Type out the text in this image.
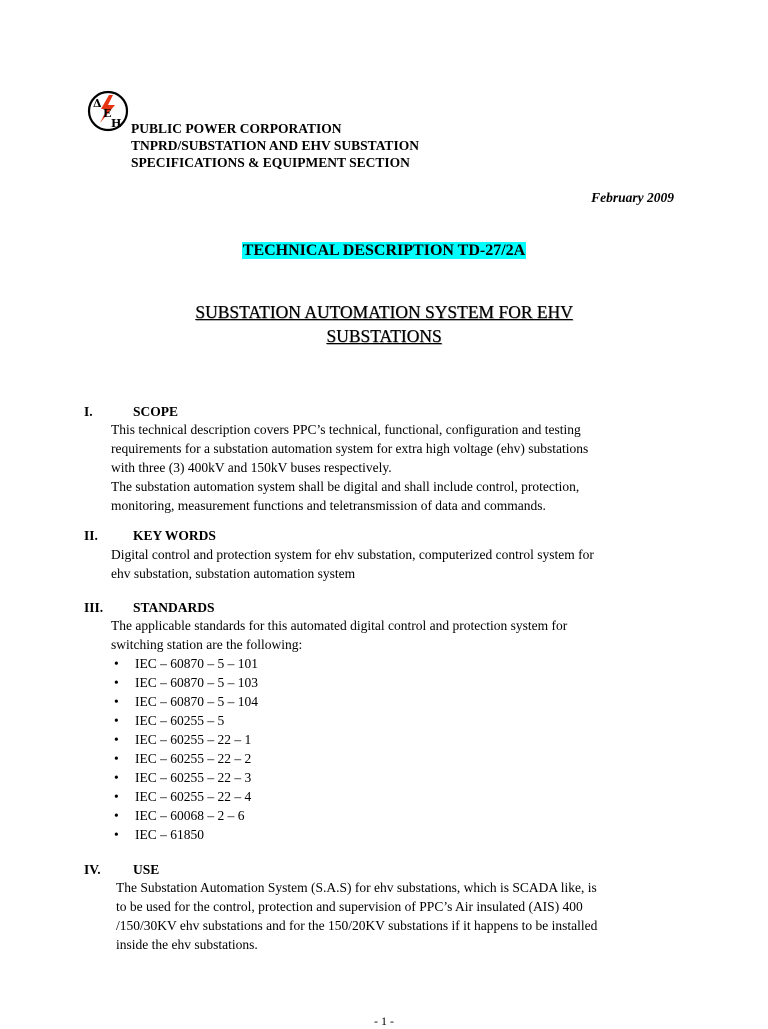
Δ
Ε
Η PUBLIC POWER CORPORATION
TNPRD/SUBSTATION AND EHV SUBSTATION
SPECIFICATIONS & EQUIPMENT SECTION
February 2009
TECHNICAL DESCRIPTION TD-27/2A
SUBSTATION AUTOMATION SYSTEM FOR EHV
SUBSTATIONS
I.	SCOPE
This technical description covers PPC’s technical, functional, configuration and testing
requirements for a substation automation system for extra high voltage (ehv) substations
with three (3) 400kV and 150kV buses respectively.
The substation automation system shall be digital and shall include control, protection,
monitoring, measurement functions and teletransmission of data and commands.
II.	KEY WORDS
Digital control and protection system for ehv substation, computerized control system for
ehv substation, substation automation system
III. STANDARDS
The applicable standards for this automated digital control and protection system for
switching station are the following:
• IEC – 60870 – 5 – 101
• IEC – 60870 – 5 – 103
• IEC – 60870 – 5 – 104
• IEC – 60255 – 5
• IEC – 60255 – 22 – 1
• IEC – 60255 – 22 – 2
• IEC – 60255 – 22 – 3
• IEC – 60255 – 22 – 4
• IEC – 60068 – 2 – 6
• IEC – 61850
IV. USE
The Substation Automation System (S.A.S) for ehv substations, which is SCADA like, is
to be used for the control, protection and supervision of PPC’s Air insulated (AIS) 400
/150/30KV ehv substations and for the 150/20KV substations if it happens to be installed
inside the ehv substations.
- 1 -
